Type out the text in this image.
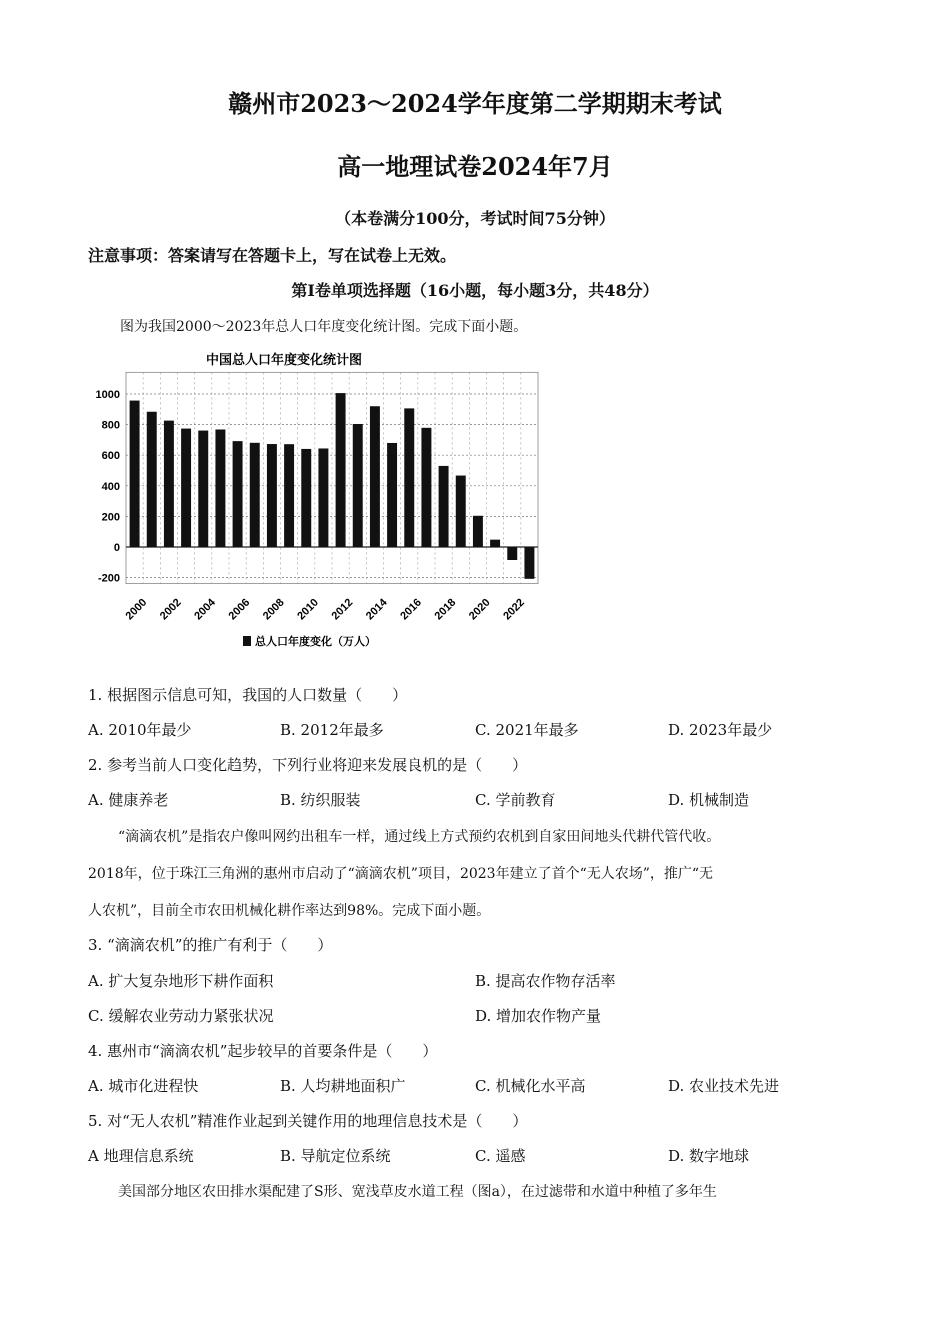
赣州市2023～2024学年度第二学期期末考试
高一地理试卷2024年7月
（本卷满分100分，考试时间75分钟）
注意事项：答案请写在答题卡上，写在试卷上无效。
第Ⅰ卷单项选择题（16小题，每小题3分，共48分）
图为我国2000～2023年总人口年度变化统计图。完成下面小题。
中国总人口年度变化统计图
1000
800
600
400
200
0
-200
2000 2002 2004 2006 2008 2010 2012 2014 2016 2018 2020 2022
总人口年度变化（万人）
1. 根据图示信息可知，我国的人口数量（　　）
A. 2010年最少	B. 2012年最多	C. 2021年最多	D. 2023年最少
2. 参考当前人口变化趋势，下列行业将迎来发展良机的是（　　）
A. 健康养老	B. 纺织服装	C. 学前教育	D. 机械制造
“滴滴农机”是指农户像叫网约出租车一样，通过线上方式预约农机到自家田间地头代耕代管代收。
2018年，位于珠江三角洲的惠州市启动了“滴滴农机”项目，2023年建立了首个“无人农场”，推广“无
人农机”，目前全市农田机械化耕作率达到98%。完成下面小题。
3. “滴滴农机”的推广有利于（　　）
A. 扩大复杂地形下耕作面积	B. 提高农作物存活率
C. 缓解农业劳动力紧张状况	D. 增加农作物产量
4. 惠州市“滴滴农机”起步较早的首要条件是（　　）
A. 城市化进程快	B. 人均耕地面积广	C. 机械化水平高	D. 农业技术先进
5. 对“无人农机”精准作业起到关键作用的地理信息技术是（　　）
A 地理信息系统	B. 导航定位系统	C. 遥感	D. 数字地球
美国部分地区农田排水渠配建了S形、宽浅草皮水道工程（图a），在过滤带和水道中种植了多年生
